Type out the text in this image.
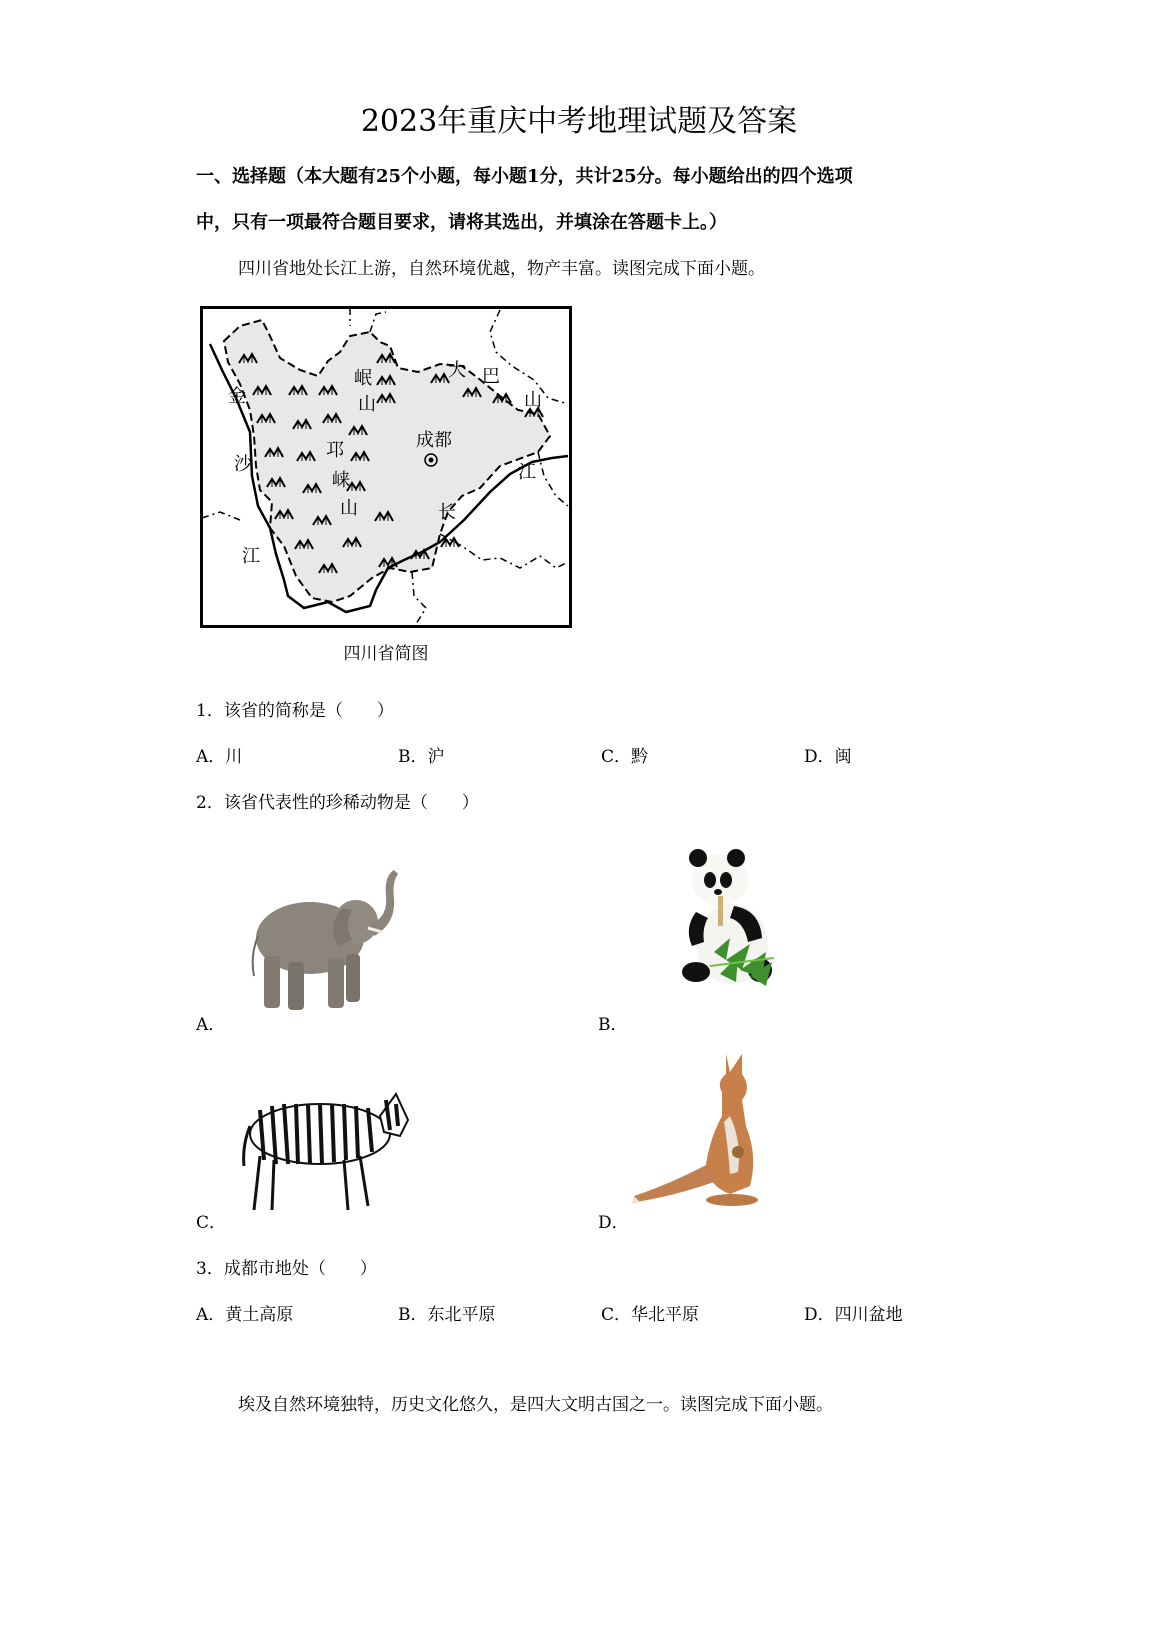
2023年重庆中考地理试题及答案
一、选择题（本大题有25个小题，每小题1分，共计25分。每小题给出的四个选项
中，只有一项最符合题目要求，请将其选出，并填涂在答题卡上。）
四川省地处长江上游，自然环境优越，物产丰富。读图完成下面小题。
金
沙
江
岷
山
大 巴
山
邛
崃
山
成都
江
长
四川省简图
1．该省的简称是（　　）
A．川	B．沪	C．黔	D．闽
2．该省代表性的珍稀动物是（　　）
A．	B．
C．	D．
3．成都市地处（　　）
A．黄土高原	B．东北平原	C．华北平原	D．四川盆地
埃及自然环境独特，历史文化悠久，是四大文明古国之一。读图完成下面小题。
